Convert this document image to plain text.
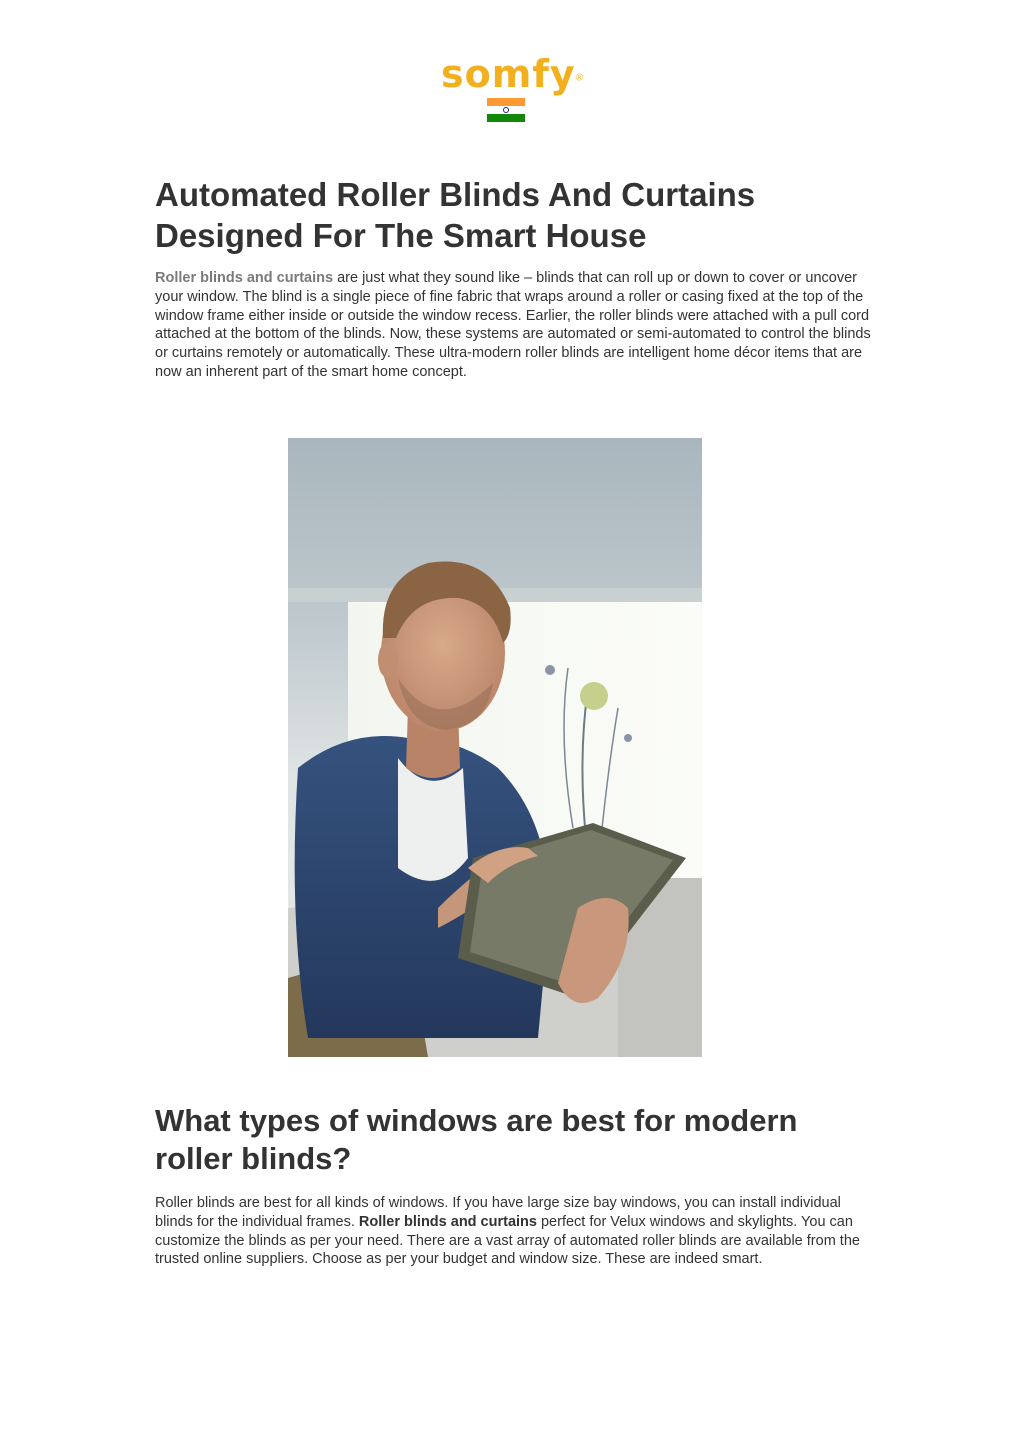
somfy®
Automated Roller Blinds And Curtains Designed For The Smart House

Roller blinds and curtains are just what they sound like – blinds that can roll up or down to cover or uncover your window. The blind is a single piece of fine fabric that wraps around a roller or casing fixed at the top of the window frame either inside or outside the window recess. Earlier, the roller blinds were attached with a pull cord attached at the bottom of the blinds. Now, these systems are automated or semi-automated to control the blinds or curtains remotely or automatically. These ultra-modern roller blinds are intelligent home décor items that are now an inherent part of the smart home concept.

What types of windows are best for modern roller blinds?

Roller blinds are best for all kinds of windows. If you have large size bay windows, you can install individual blinds for the individual frames. Roller blinds and curtains perfect for Velux windows and skylights. You can customize the blinds as per your need. There are a vast array of automated roller blinds are available from the trusted online suppliers. Choose as per your budget and window size. These are indeed smart.
